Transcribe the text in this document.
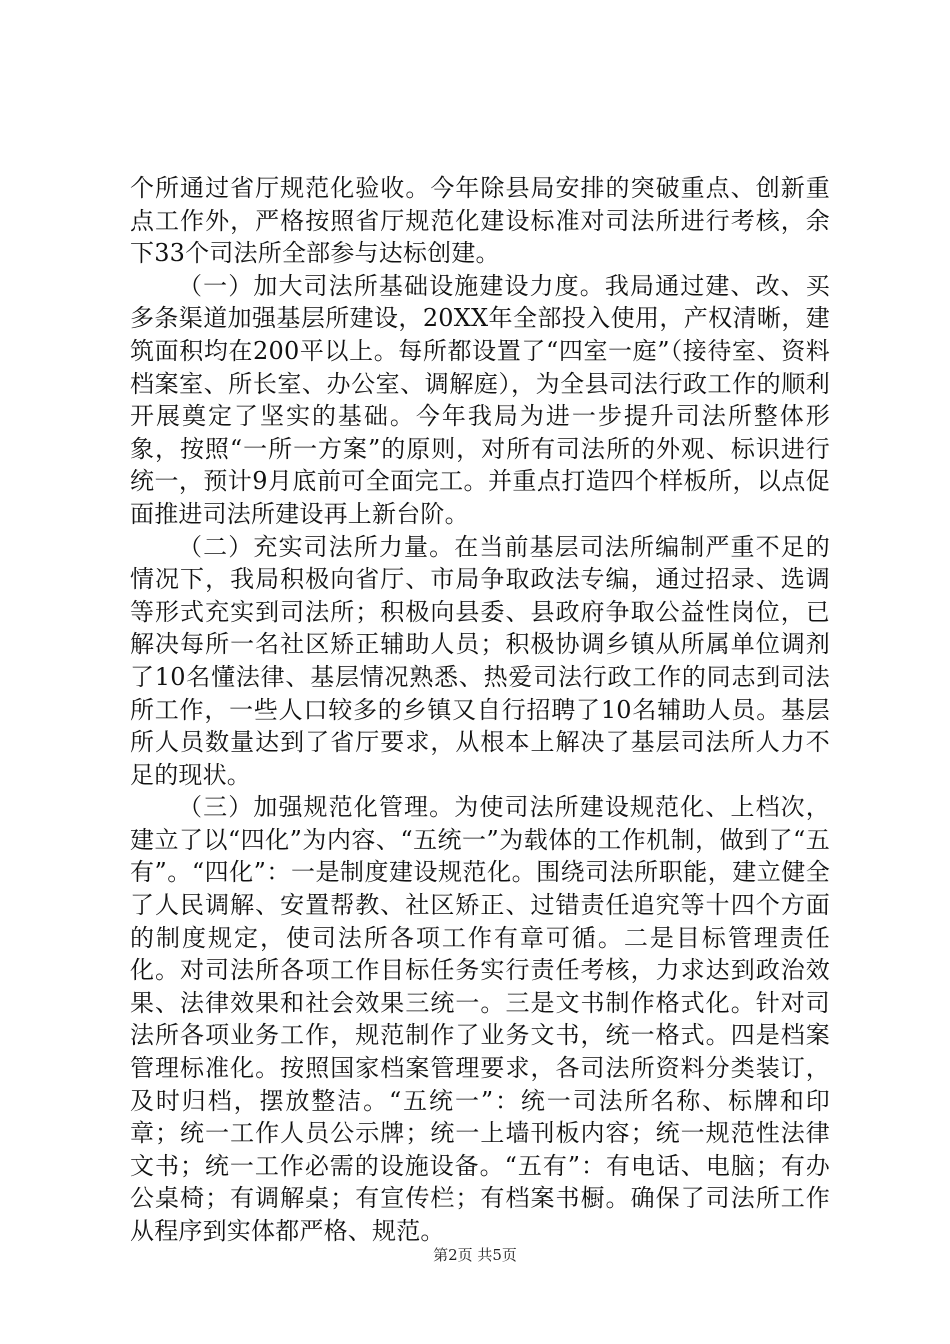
个所通过省厅规范化验收。今年除县局安排的突破重点、创新重点工作外，严格按照省厅规范化建设标准对司法所进行考核，余下33个司法所全部参与达标创建。

（一）加大司法所基础设施建设力度。我局通过建、改、买多条渠道加强基层所建设，20XX年全部投入使用，产权清晰，建筑面积均在200平以上。每所都设置了“四室一庭”（接待室、资料档案室、所长室、办公室、调解庭），为全县司法行政工作的顺利开展奠定了坚实的基础。今年我局为进一步提升司法所整体形象，按照“一所一方案”的原则，对所有司法所的外观、标识进行统一，预计9月底前可全面完工。并重点打造四个样板所，以点促面推进司法所建设再上新台阶。

（二）充实司法所力量。在当前基层司法所编制严重不足的情况下，我局积极向省厅、市局争取政法专编，通过招录、选调等形式充实到司法所；积极向县委、县政府争取公益性岗位，已解决每所一名社区矫正辅助人员；积极协调乡镇从所属单位调剂了10名懂法律、基层情况熟悉、热爱司法行政工作的同志到司法所工作，一些人口较多的乡镇又自行招聘了10名辅助人员。基层所人员数量达到了省厅要求，从根本上解决了基层司法所人力不足的现状。

（三）加强规范化管理。为使司法所建设规范化、上档次，建立了以“四化”为内容、“五统一”为载体的工作机制，做到了“五有”。“四化”：一是制度建设规范化。围绕司法所职能，建立健全了人民调解、安置帮教、社区矫正、过错责任追究等十四个方面的制度规定，使司法所各项工作有章可循。二是目标管理责任化。对司法所各项工作目标任务实行责任考核，力求达到政治效果、法律效果和社会效果三统一。三是文书制作格式化。针对司法所各项业务工作，规范制作了业务文书，统一格式。四是档案管理标准化。按照国家档案管理要求，各司法所资料分类装订，及时归档，摆放整洁。“五统一”：统一司法所名称、标牌和印章；统一工作人员公示牌；统一上墙刊板内容；统一规范性法律文书；统一工作必需的设施设备。“五有”：有电话、电脑；有办公桌椅；有调解桌；有宣传栏；有档案书橱。确保了司法所工作从程序到实体都严格、规范。

第2页 共5页
